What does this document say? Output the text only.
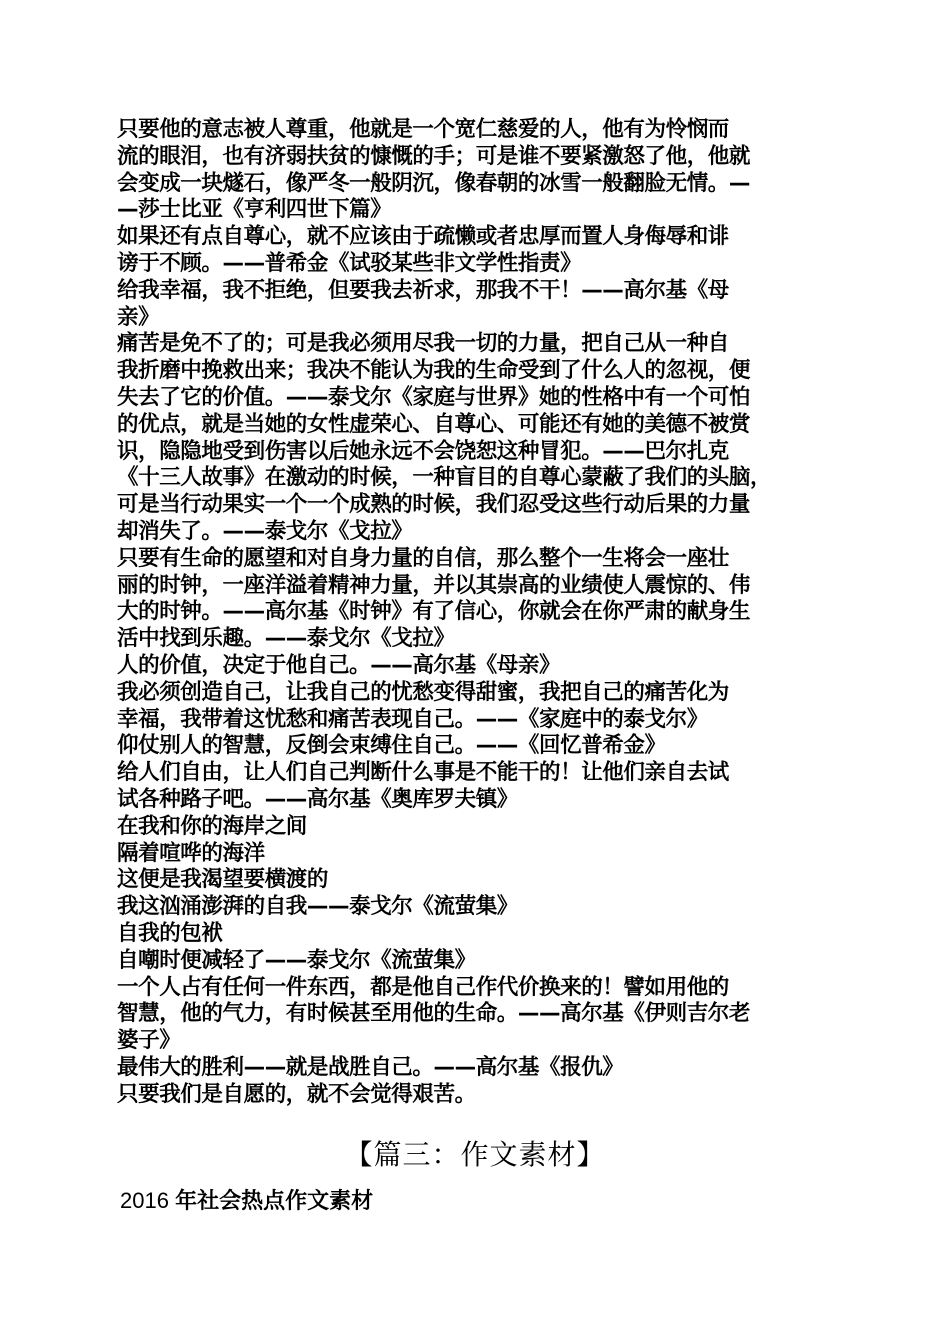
只要他的意志被人尊重，他就是一个宽仁慈爱的人，他有为怜悯而

流的眼泪，也有济弱扶贫的慷慨的手；可是谁不要紧激怒了他，他就

会变成一块燧石，像严冬一般阴沉，像春朝的冰雪一般翻脸无情。—

—莎士比亚《亨利四世下篇》

如果还有点自尊心，就不应该由于疏懒或者忠厚而置人身侮辱和诽

谤于不顾。——普希金《试驳某些非文学性指责》

给我幸福，我不拒绝，但要我去祈求，那我不干！——高尔基《母

亲》

痛苦是免不了的；可是我必须用尽我一切的力量，把自己从一种自

我折磨中挽救出来；我决不能认为我的生命受到了什么人的忽视，便

失去了它的价值。——泰戈尔《家庭与世界》她的性格中有一个可怕

的优点，就是当她的女性虚荣心、自尊心、可能还有她的美德不被赏

识，隐隐地受到伤害以后她永远不会饶恕这种冒犯。——巴尔扎克

《十三人故事》在激动的时候，一种盲目的自尊心蒙蔽了我们的头脑，

可是当行动果实一个一个成熟的时候，我们忍受这些行动后果的力量

却消失了。——泰戈尔《戈拉》

只要有生命的愿望和对自身力量的自信，那么整个一生将会一座壮

丽的时钟，一座洋溢着精神力量，并以其崇高的业绩使人震惊的、伟

大的时钟。——高尔基《时钟》有了信心，你就会在你严肃的献身生

活中找到乐趣。——泰戈尔《戈拉》

人的价值，决定于他自己。——高尔基《母亲》

我必须创造自己，让我自己的忧愁变得甜蜜，我把自己的痛苦化为

幸福，我带着这忧愁和痛苦表现自己。——《家庭中的泰戈尔》

仰仗别人的智慧，反倒会束缚住自己。——《回忆普希金》

给人们自由，让人们自己判断什么事是不能干的！让他们亲自去试

试各种路子吧。——高尔基《奥库罗夫镇》

在我和你的海岸之间

隔着喧哗的海洋

这便是我渴望要横渡的

我这汹涌澎湃的自我——泰戈尔《流萤集》

自我的包袱

自嘲时便减轻了——泰戈尔《流萤集》

一个人占有任何一件东西，都是他自己作代价换来的！譬如用他的

智慧，他的气力，有时候甚至用他的生命。——高尔基《伊则吉尔老

婆子》

最伟大的胜利——就是战胜自己。——高尔基《报仇》

只要我们是自愿的，就不会觉得艰苦。

【篇三：作文素材】
2016 年社会热点作文素材
